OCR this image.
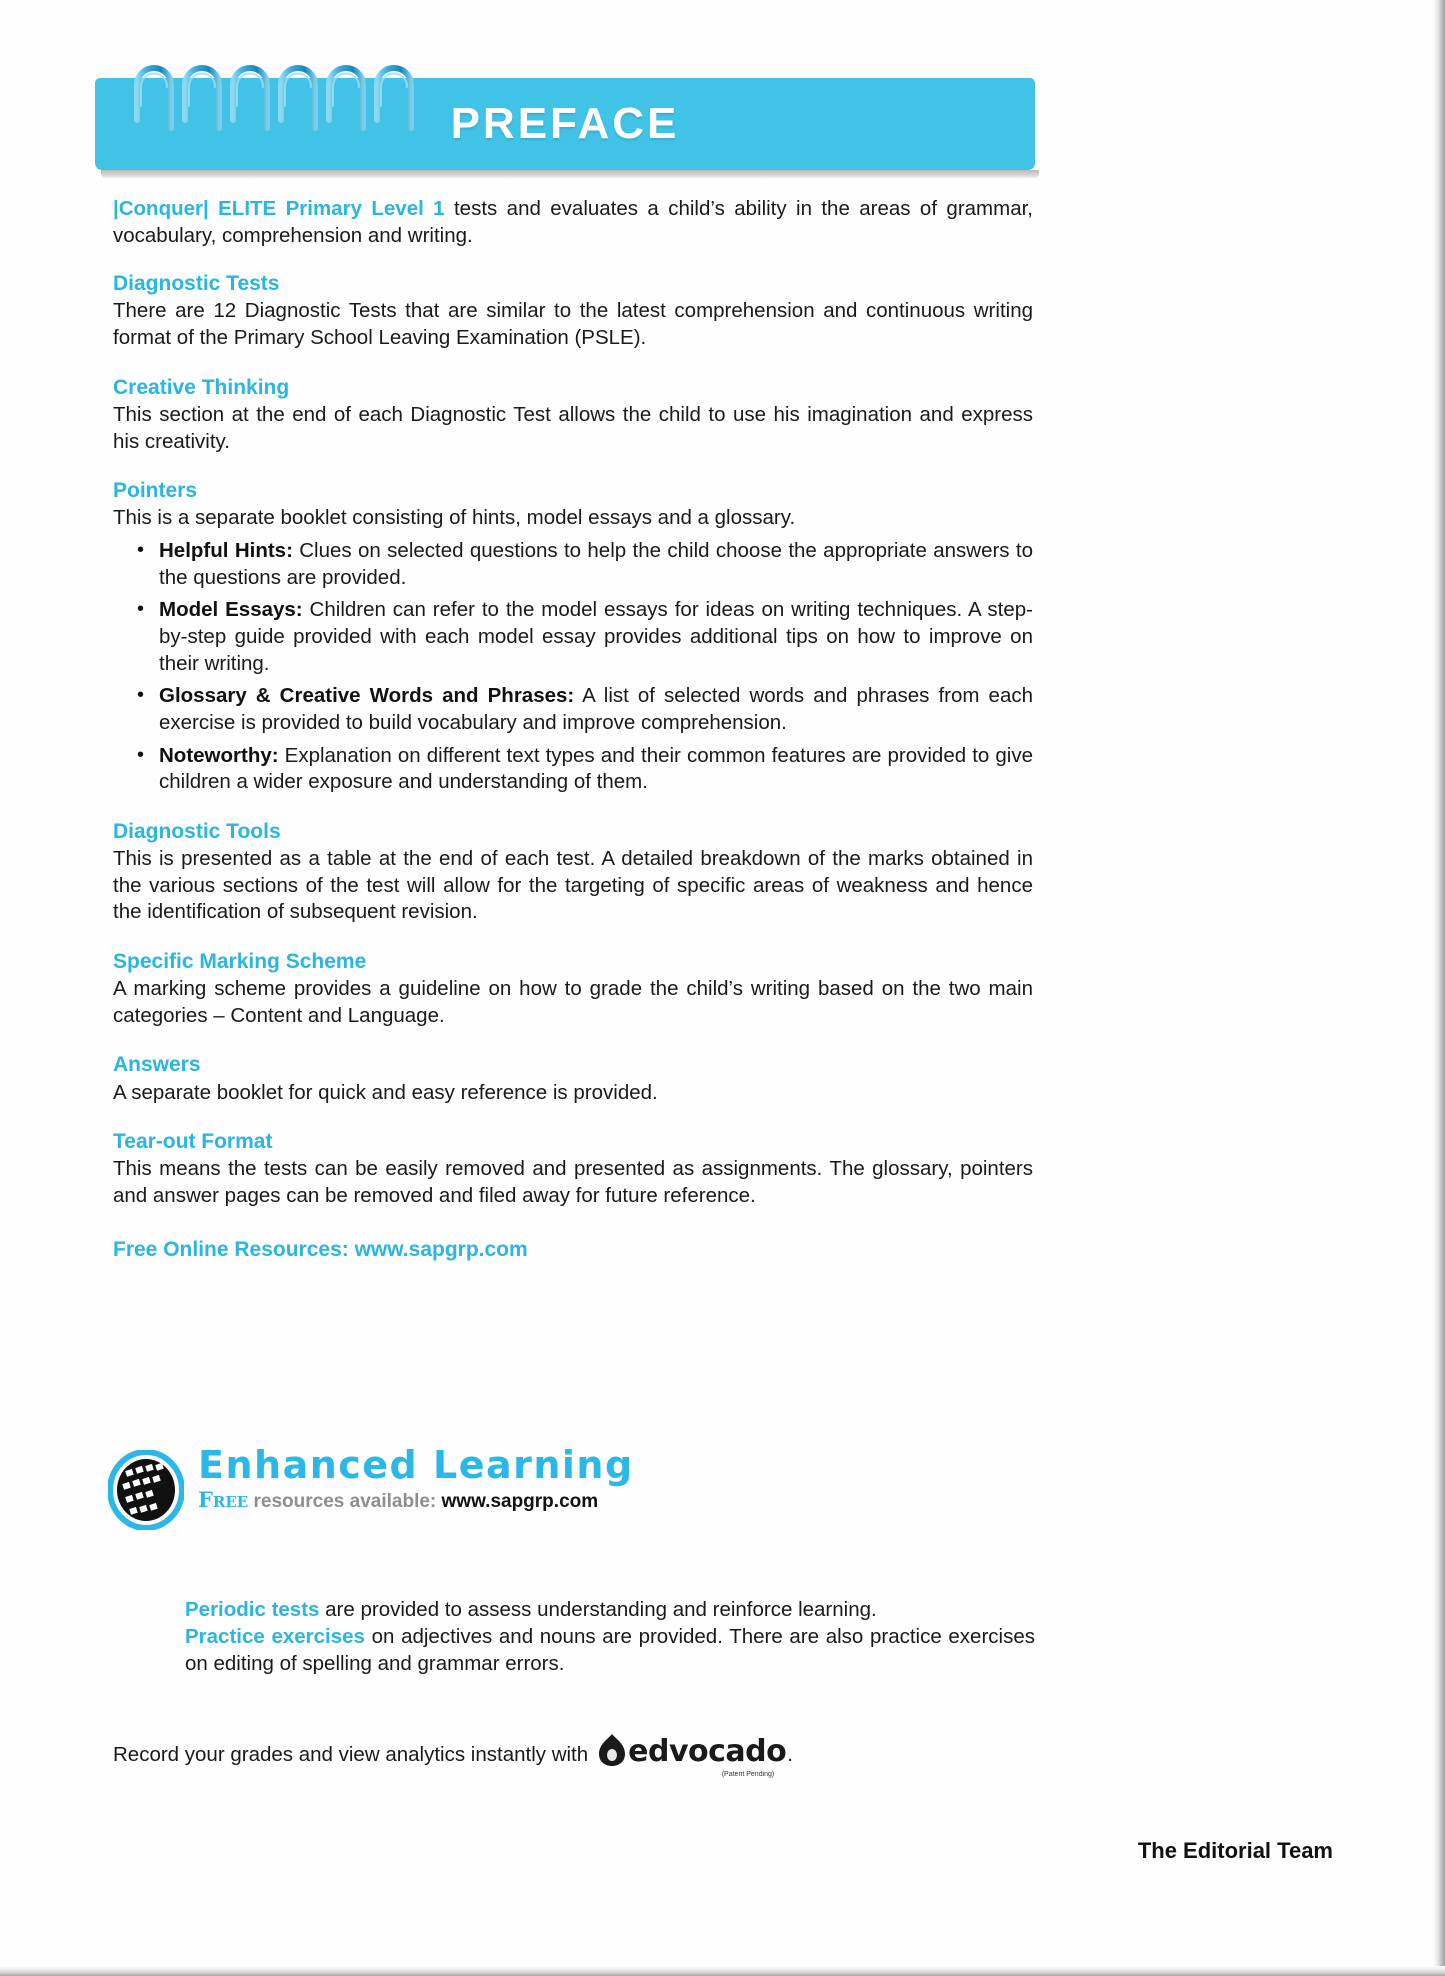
PREFACE

|Conquer| ELITE Primary Level 1 tests and evaluates a child’s ability in the areas of grammar, vocabulary, comprehension and writing.

Diagnostic Tests

There are 12 Diagnostic Tests that are similar to the latest comprehension and continuous writing format of the Primary School Leaving Examination (PSLE).

Creative Thinking

This section at the end of each Diagnostic Test allows the child to use his imagination and express his creativity.

Pointers

This is a separate booklet consisting of hints, model essays and a glossary.

• Helpful Hints: Clues on selected questions to help the child choose the appropriate answers to the questions are provided.
• Model Essays: Children can refer to the model essays for ideas on writing techniques. A step-by-step guide provided with each model essay provides additional tips on how to improve on their writing.
• Glossary & Creative Words and Phrases: A list of selected words and phrases from each exercise is provided to build vocabulary and improve comprehension.
• Noteworthy: Explanation on different text types and their common features are provided to give children a wider exposure and understanding of them.
Diagnostic Tools

This is presented as a table at the end of each test. A detailed breakdown of the marks obtained in the various sections of the test will allow for the targeting of specific areas of weakness and hence the identification of subsequent revision.

Specific Marking Scheme

A marking scheme provides a guideline on how to grade the child’s writing based on the two main categories – Content and Language.

Answers

A separate booklet for quick and easy reference is provided.

Tear-out Format

This means the tests can be easily removed and presented as assignments. The glossary, pointers and answer pages can be removed and filed away for future reference.

Free Online Resources: www.sapgrp.com

Enhanced Learning
Free resources available: www.sapgrp.com
Periodic tests are provided to assess understanding and reinforce learning.
Practice exercises on adjectives and nouns are provided. There are also practice exercises on editing of spelling and grammar errors.
Record your grades and view analytics instantly with edvocado
(Patent Pending)
.
The Editorial Team
